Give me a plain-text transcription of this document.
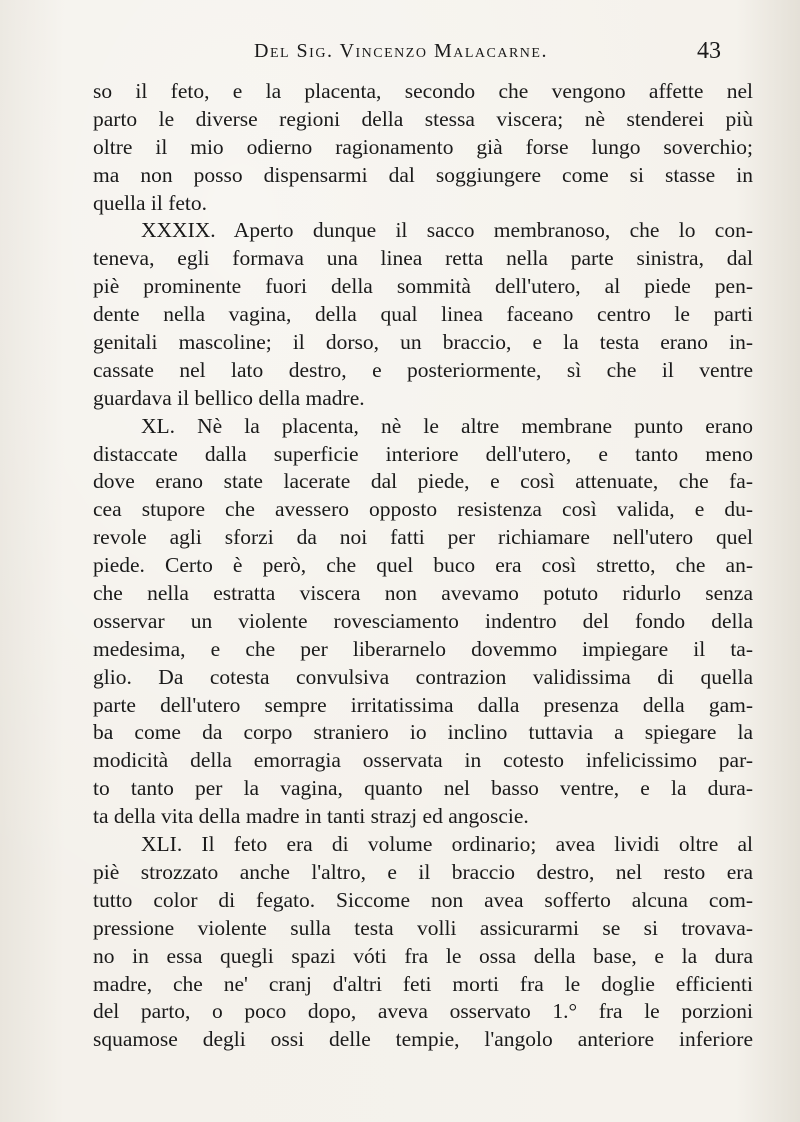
Del Sig. Vincenzo Malacarne.	43
so il feto, e la placenta, secondo che vengono affette nel
parto le diverse regioni della stessa viscera; nè stenderei più
oltre il mio odierno ragionamento già forse lungo soverchio;
ma non posso dispensarmi dal soggiungere come si stasse in
quella il feto.
XXXIX. Aperto dunque il sacco membranoso, che lo con-
teneva, egli formava una linea retta nella parte sinistra, dal
piè prominente fuori della sommità dell'utero, al piede pen-
dente nella vagina, della qual linea faceano centro le parti
genitali mascoline; il dorso, un braccio, e la testa erano in-
cassate nel lato destro, e posteriormente, sì che il ventre
guardava il bellico della madre.
XL. Nè la placenta, nè le altre membrane punto erano
distaccate dalla superficie interiore dell'utero, e tanto meno
dove erano state lacerate dal piede, e così attenuate, che fa-
cea stupore che avessero opposto resistenza così valida, e du-
revole agli sforzi da noi fatti per richiamare nell'utero quel
piede. Certo è però, che quel buco era così stretto, che an-
che nella estratta viscera non avevamo potuto ridurlo senza
osservar un violente rovesciamento indentro del fondo della
medesima, e che per liberarnelo dovemmo impiegare il ta-
glio. Da cotesta convulsiva contrazion validissima di quella
parte dell'utero sempre irritatissima dalla presenza della gam-
ba come da corpo straniero io inclino tuttavia a spiegare la
modicità della emorragia osservata in cotesto infelicissimo par-
to tanto per la vagina, quanto nel basso ventre, e la dura-
ta della vita della madre in tanti strazj ed angoscie.
XLI. Il feto era di volume ordinario; avea lividi oltre al
piè strozzato anche l'altro, e il braccio destro, nel resto era
tutto color di fegato. Siccome non avea sofferto alcuna com-
pressione violente sulla testa volli assicurarmi se si trovava-
no in essa quegli spazi vóti fra le ossa della base, e la dura
madre, che ne' cranj d'altri feti morti fra le doglie efficienti
del parto, o poco dopo, aveva osservato 1.° fra le porzioni
squamose degli ossi delle tempie, l'angolo anteriore inferiore
